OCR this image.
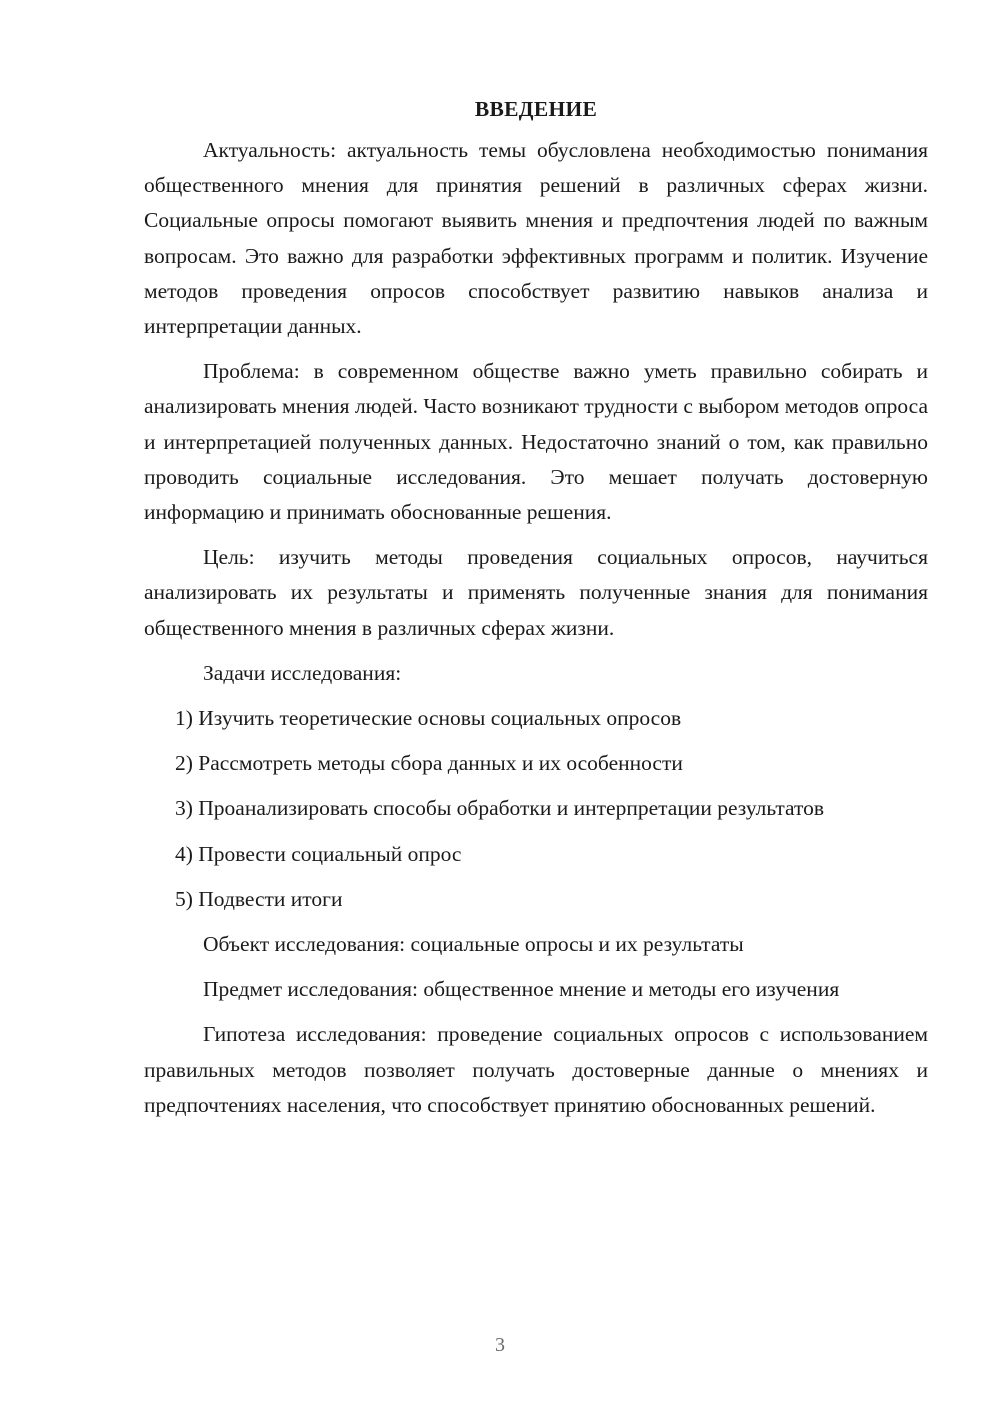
ВВЕДЕНИЕ

Актуальность: актуальность темы обусловлена необходимостью понимания общественного мнения для принятия решений в различных сферах жизни. Социальные опросы помогают выявить мнения и предпочтения людей по важным вопросам. Это важно для разработки эффективных программ и политик. Изучение методов проведения опросов способствует развитию навыков анализа и интерпретации данных.

Проблема: в современном обществе важно уметь правильно собирать и анализировать мнения людей. Часто возникают трудности с выбором методов опроса и интерпретацией полученных данных. Недостаточно знаний о том, как правильно проводить социальные исследования. Это мешает получать достоверную информацию и принимать обоснованные решения.

Цель: изучить методы проведения социальных опросов, научиться анализировать их результаты и применять полученные знания для понимания общественного мнения в различных сферах жизни.

Задачи исследования:

1) Изучить теоретические основы социальных опросов
2) Рассмотреть методы сбора данных и их особенности
3) Проанализировать способы обработки и интерпретации результатов
4) Провести социальный опрос
5) Подвести итоги

Объект исследования: социальные опросы и их результаты

Предмет исследования: общественное мнение и методы его изучения

Гипотеза исследования: проведение социальных опросов с использованием правильных методов позволяет получать достоверные данные о мнениях и предпочтениях населения, что способствует принятию обоснованных решений.

3
